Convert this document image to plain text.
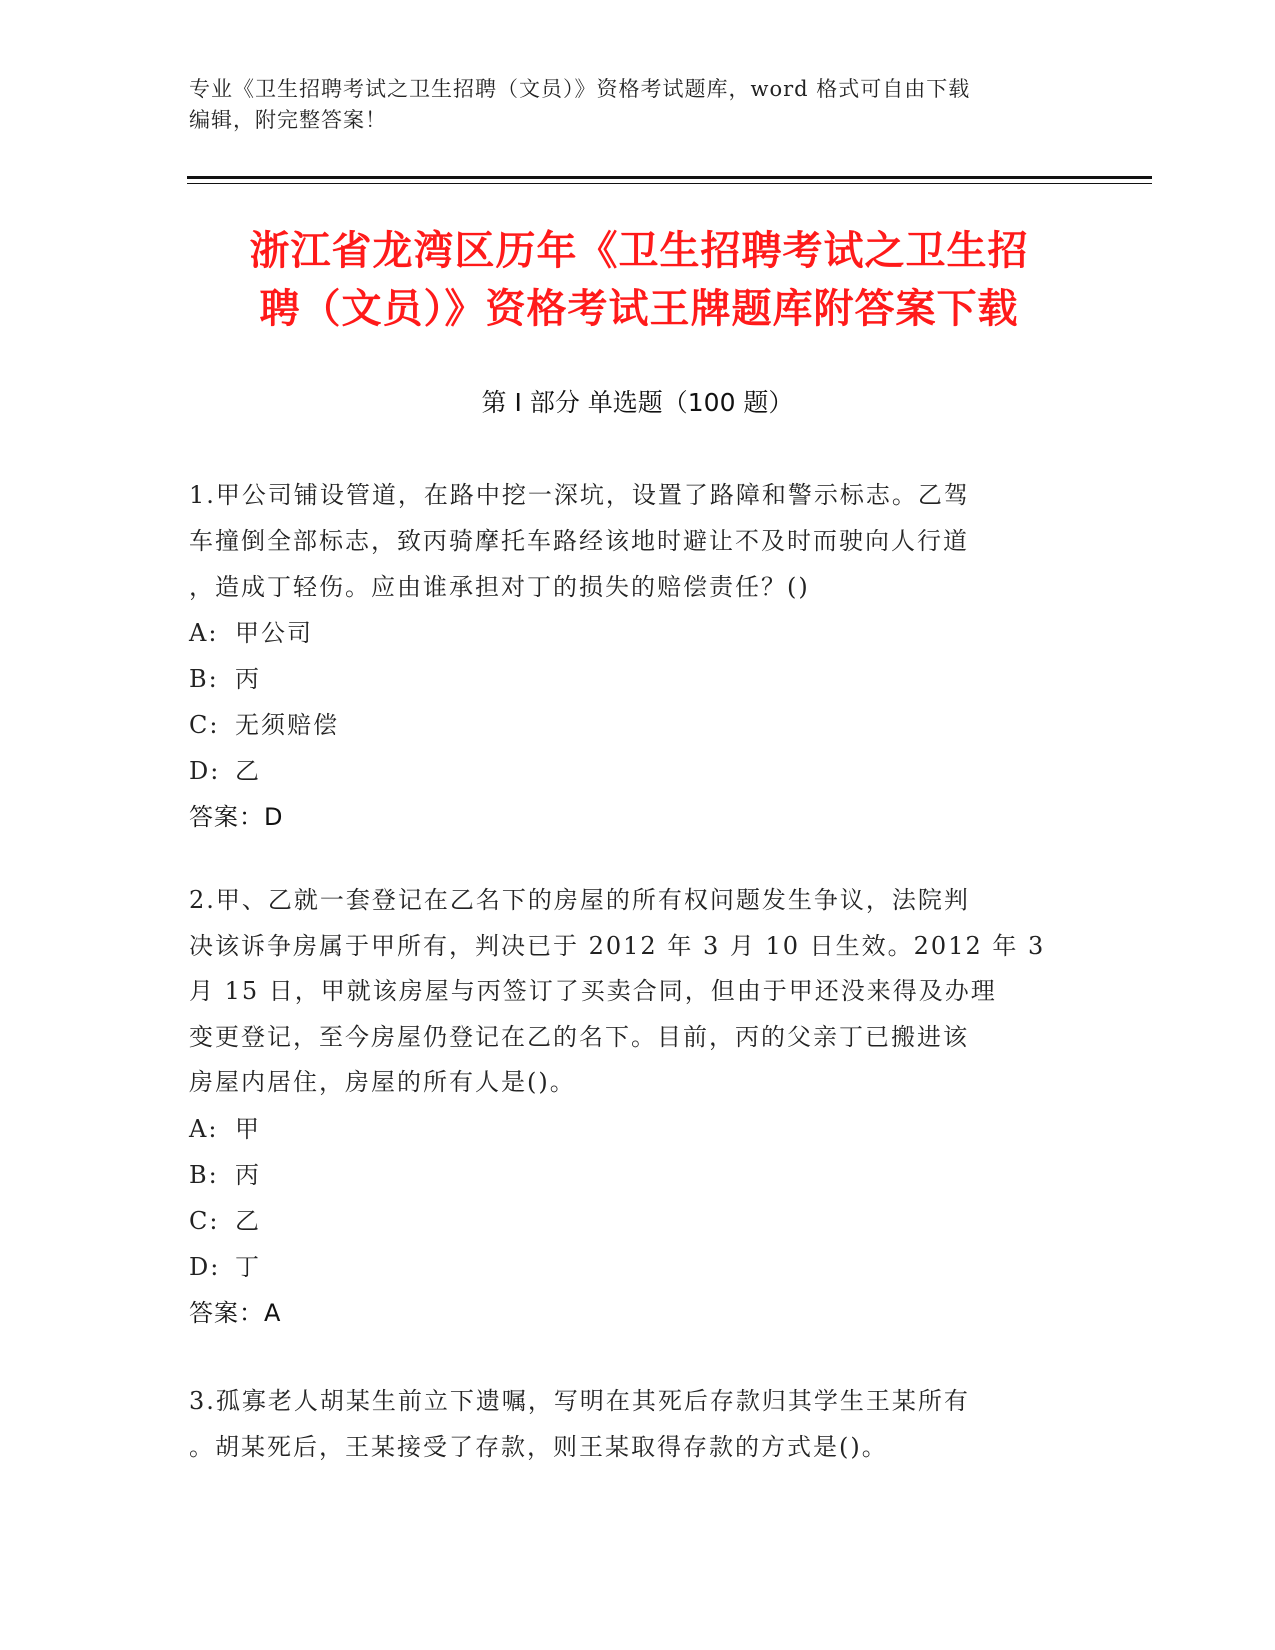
专业《卫生招聘考试之卫生招聘（文员）》资格考试题库，word 格式可自由下载

编辑，附完整答案！

浙江省龙湾区历年《卫生招聘考试之卫生招

聘（文员）》资格考试王牌题库附答案下载

第 I 部分 单选题（100 题）

1.甲公司铺设管道，在路中挖一深坑，设置了路障和警示标志。乙驾
车撞倒全部标志，致丙骑摩托车路经该地时避让不及时而驶向人行道
，造成丁轻伤。应由谁承担对丁的损失的赔偿责任？()

A: 甲公司
B: 丙
C: 无须赔偿
D: 乙
答案：D

2.甲、乙就一套登记在乙名下的房屋的所有权问题发生争议，法院判
决该诉争房属于甲所有，判决已于 2012 年 3 月 10 日生效。2012 年 3
月 15 日，甲就该房屋与丙签订了买卖合同，但由于甲还没来得及办理
变更登记，至今房屋仍登记在乙的名下。目前，丙的父亲丁已搬进该
房屋内居住，房屋的所有人是()。

A: 甲
B: 丙
C: 乙
D: 丁
答案：A

3.孤寡老人胡某生前立下遗嘱，写明在其死后存款归其学生王某所有
。胡某死后，王某接受了存款，则王某取得存款的方式是()。
